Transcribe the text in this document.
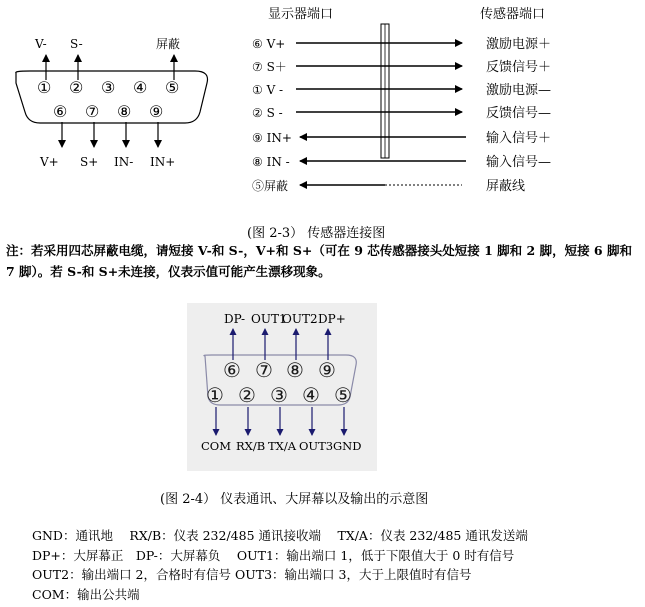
显示器端口	传感器端口
V- S-	屏蔽
① ② ③ ④ ⑤
⑥ ⑦ ⑧ ⑨
V+ S+ IN- IN+
⑥ V+	激励电源＋
⑦ S＋	反馈信号＋
① V -	激励电源—
② S -	反馈信号—
⑨ IN+	输入信号＋
⑧ IN -	输入信号—
⑤屏蔽	屏蔽线
(图 2-3） 传感器连接图
注：若采用四芯屏蔽电缆，请短接 V-和 S-，V+和 S+（可在 9 芯传感器接头处短接 1 脚和 2 脚，短接 6 脚和 7 脚）。若 S-和 S+未连接，仪表示值可能产生漂移现象。
DP- OUT1
OUT2 DP+
⑥ ⑦ ⑧ ⑨
① ② ③ ④ ⑤
COM RX/B TX/A OUT3 GND
(图 2-4） 仪表通讯、大屏幕以及输出的示意图
GND：通讯地　 RX/B：仪表 232/485 通讯接收端　 TX/A：仪表 232/485 通讯发送端
DP+：大屏幕正　DP-：大屏幕负　 OUT1：输出端口 1，低于下限值大于 0 时有信号
OUT2：输出端口 2，合格时有信号 OUT3：输出端口 3，大于上限值时有信号
COM：输出公共端
